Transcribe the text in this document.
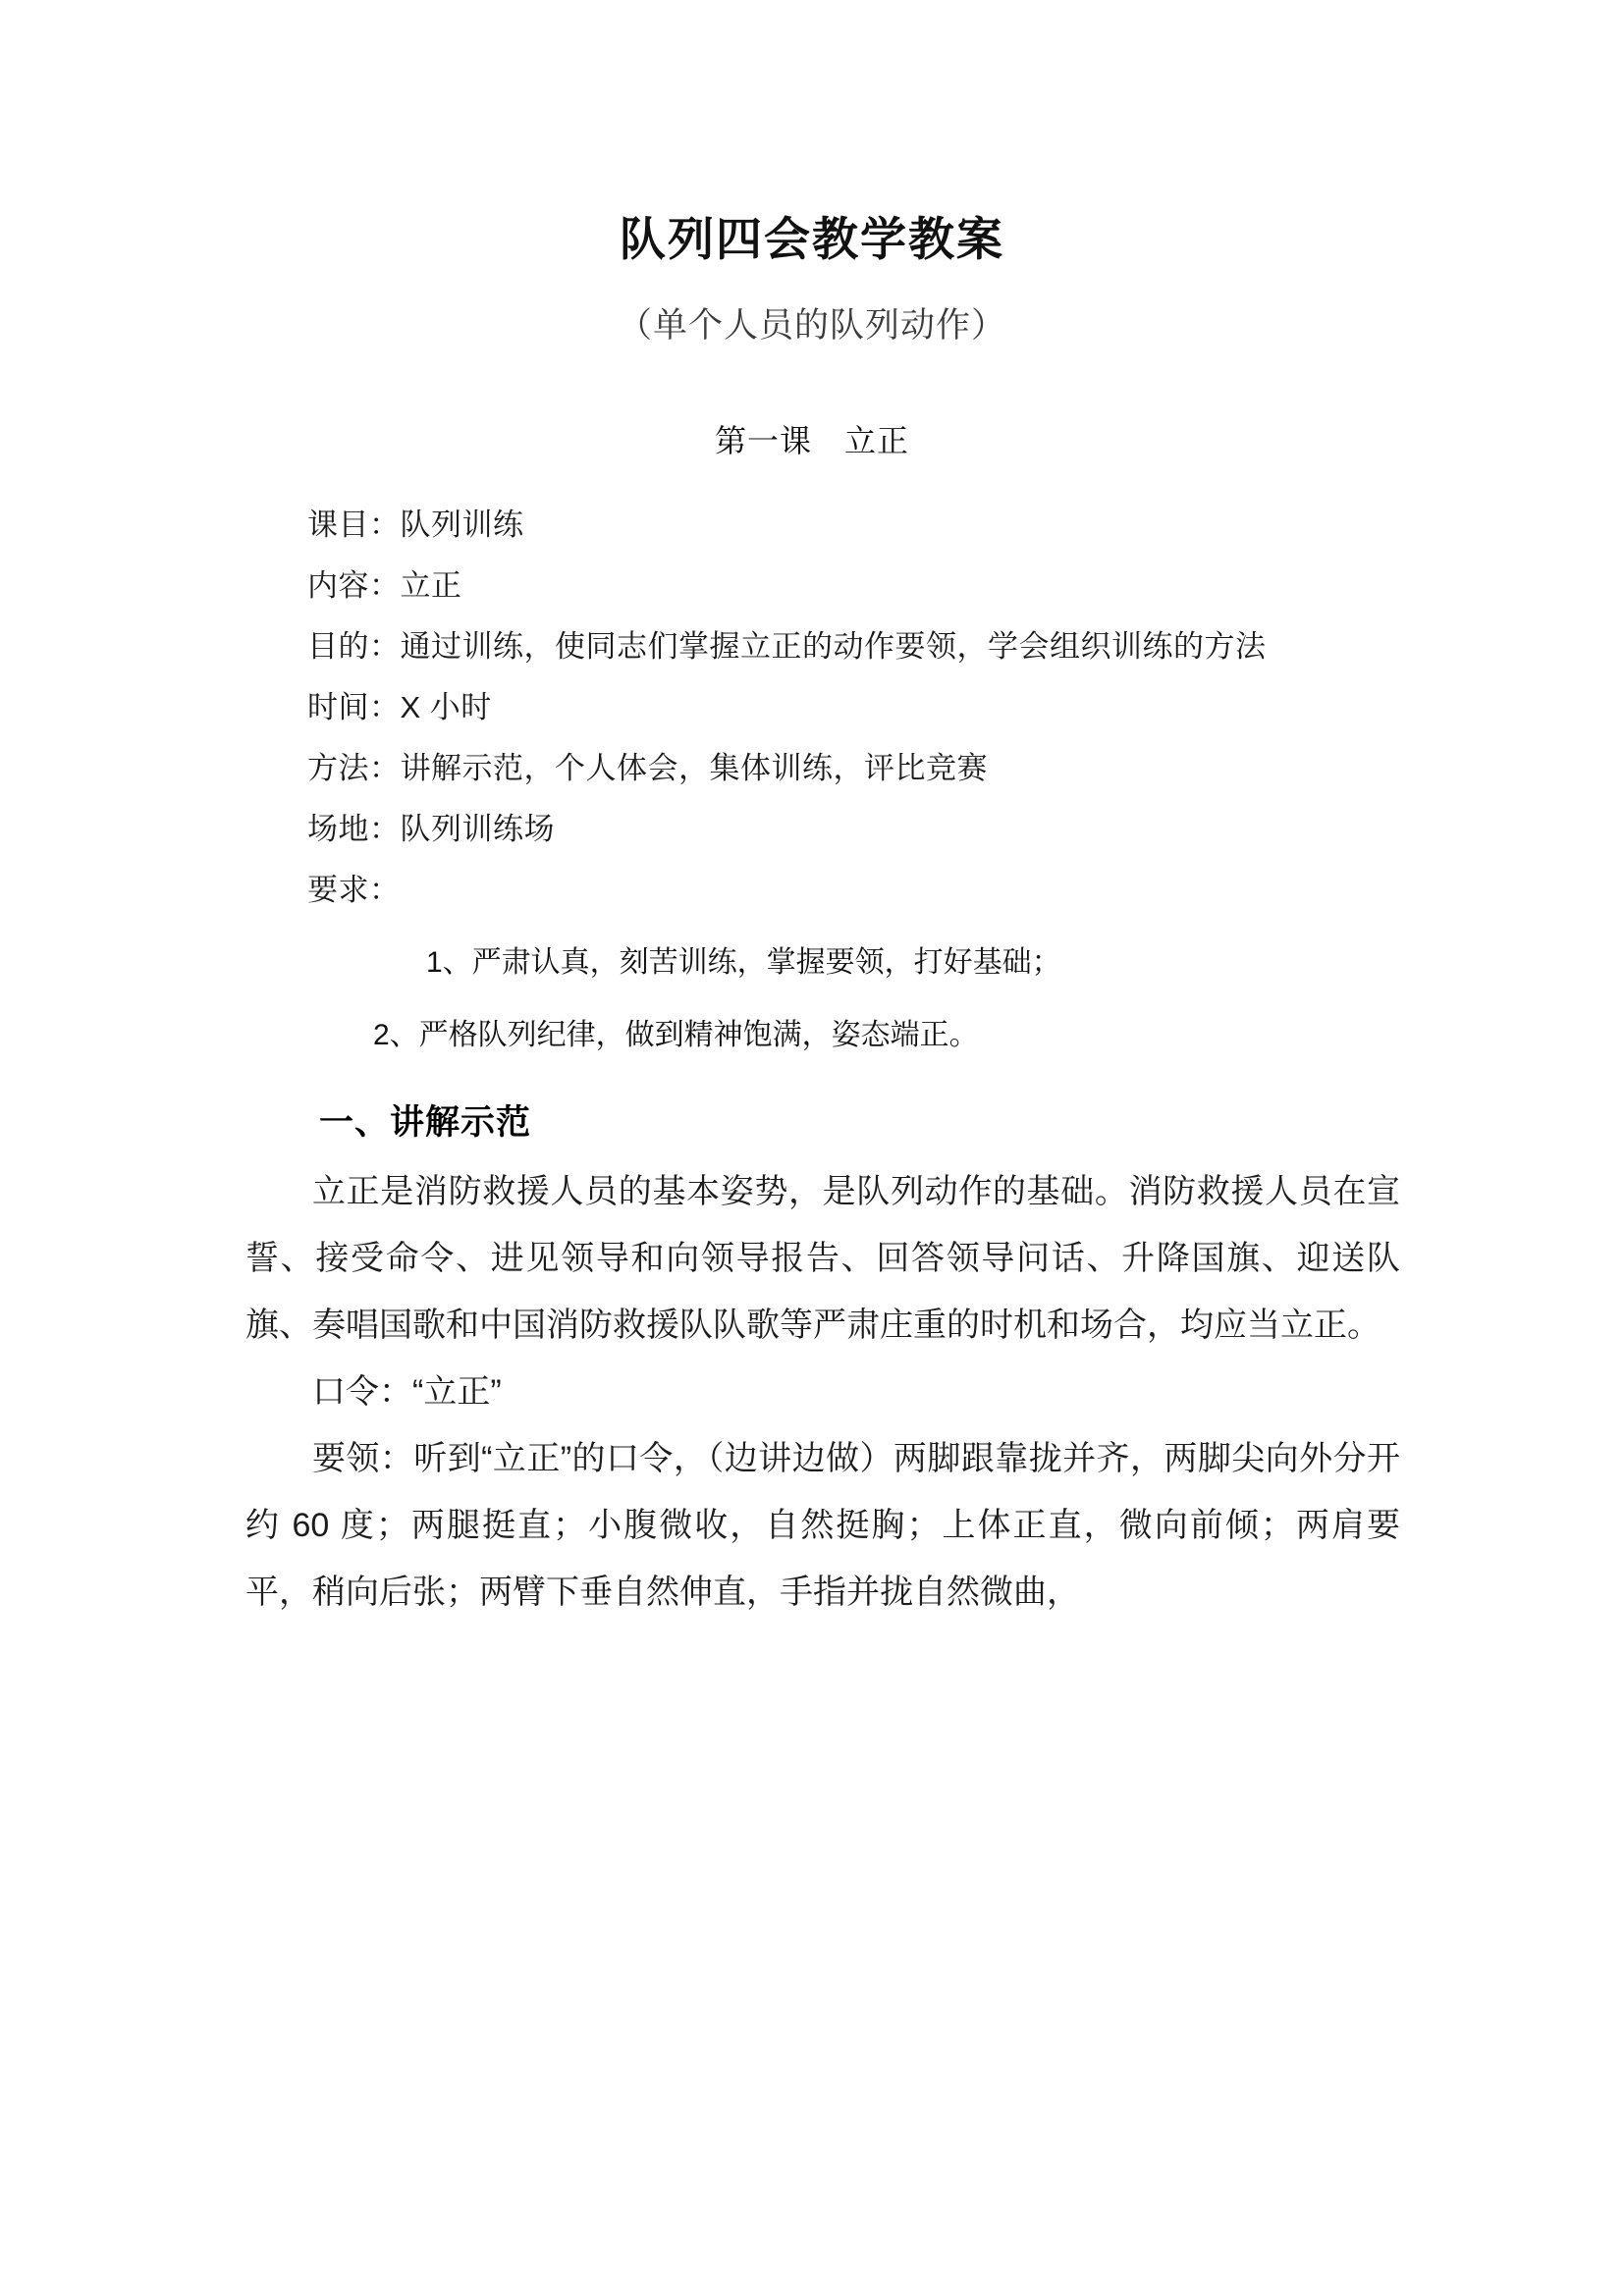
队列四会教学教案
（单个人员的队列动作）
第一课　立正
课目：队列训练
内容：立正
目的：通过训练，使同志们掌握立正的动作要领，学会组织训练的方法
时间：X 小时
方法：讲解示范，个人体会，集体训练，评比竞赛
场地：队列训练场
要求：
1、严肃认真，刻苦训练，掌握要领，打好基础；
2、严格队列纪律，做到精神饱满，姿态端正。
一、讲解示范

立正是消防救援人员的基本姿势，是队列动作的基础。消防救援人员在宣誓、接受命令、进见领导和向领导报告、回答领导问话、升降国旗、迎送队旗、奏唱国歌和中国消防救援队队歌等严肃庄重的时机和场合，均应当立正。

口令：“立正”

要领：听到“立正”的口令，（边讲边做）两脚跟靠拢并齐，两脚尖向外分开约 60 度；两腿挺直；小腹微收，自然挺胸；上体正直，微向前倾；两肩要平，稍向后张；两臂下垂自然伸直，手指并拢自然微曲，
